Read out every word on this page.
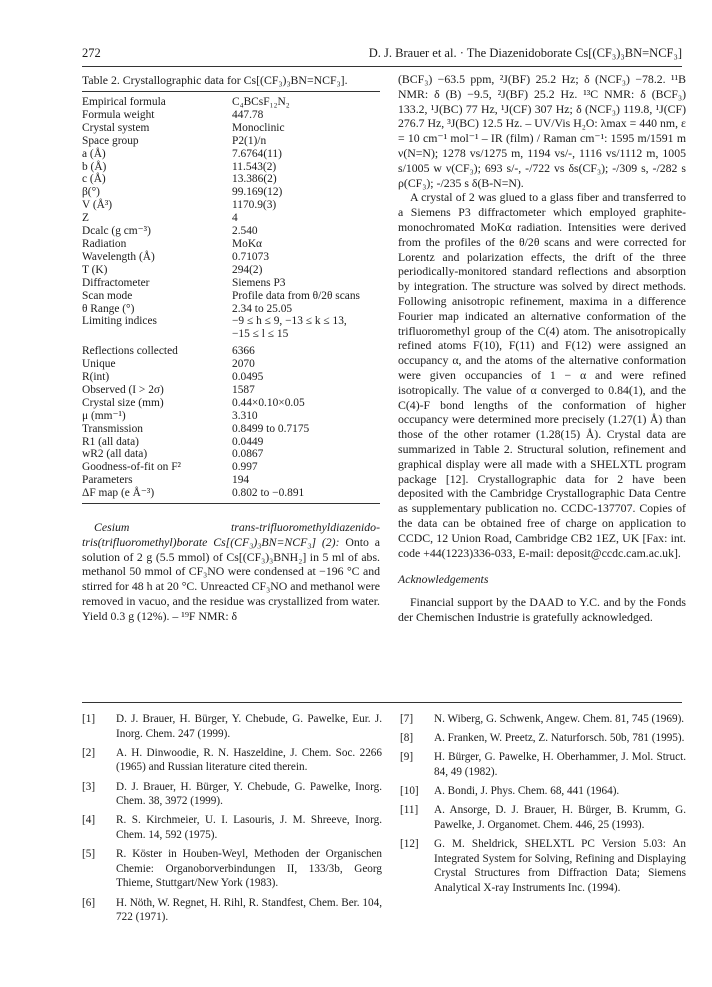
272	D. J. Brauer et al. · The Diazenidoborate Cs[(CF₃)₃BN=NCF₃]

Table 2. Crystallographic data for Cs[(CF₃)₃BN=NCF₃].

Empirical formula	C₄BCsF₁₂N₂
Formula weight	447.78
Crystal system	Monoclinic
Space group	P2(1)/n
a (Å)	7.6764(11)
b (Å)	11.543(2)
c (Å)	13.386(2)
β(°)	99.169(12)
V (Å³)	1170.9(3)
Z	4
Dcalc (g cm⁻³)	2.540
Radiation	MoKα
Wavelength (Å)	0.71073
T (K)	294(2)
Diffractometer	Siemens P3
Scan mode	Profile data from θ/2θ scans
θ Range (°)	2.34 to 25.05
Limiting indices	−9 ≤ h ≤ 9, −13 ≤ k ≤ 13,
	−15 ≤ l ≤ 15
Reflections collected	6366
Unique	2070
R(int)	0.0495
Observed (I > 2σ)	1587
Crystal size (mm)	0.44×0.10×0.05
μ (mm⁻¹)	3.310
Transmission	0.8499 to 0.7175
R1 (all data)	0.0449
wR2 (all data)	0.0867
Goodness-of-fit on F²	0.997
Parameters	194
ΔF map (e Å⁻³)	0.802 to −0.891

Cesium trans-trifluoromethyldiazenido-tris(trifluoromethyl)borate Cs[(CF₃)₃BN=NCF₃] (2): Onto a solution of 2 g (5.5 mmol) of Cs[(CF₃)₃BNH₂] in 5 ml of abs. methanol 50 mmol of CF₃NO were condensed at −196 °C and stirred for 48 h at 20 °C. Unreacted CF₃NO and methanol were removed in vacuo, and the residue was crystallized from water. Yield 0.3 g (12%). – ¹⁹F NMR: δ

(BCF₃) −63.5 ppm, ²J(BF) 25.2 Hz; δ (NCF₃) −78.2. ¹¹B NMR: δ (B) −9.5, ²J(BF) 25.2 Hz. ¹³C NMR: δ (BCF₃) 133.2, ¹J(BC) 77 Hz, ¹J(CF) 307 Hz; δ (NCF₃) 119.8, ¹J(CF) 276.7 Hz, ³J(BC) 12.5 Hz. – UV/Vis H₂O: λmax = 440 nm, ε = 10 cm⁻¹ mol⁻¹ – IR (film) / Raman cm⁻¹: 1595 m/1591 m ν(N=N); 1278 vs/1275 m, 1194 vs/-, 1116 vs/1112 m, 1005 s/1005 w ν(CF₃); 693 s/-, -/722 vs δs(CF₃); -/309 s, -/282 s ρ(CF₃); -/235 s δ(B-N=N).

A crystal of 2 was glued to a glass fiber and transferred to a Siemens P3 diffractometer which employed graphite-monochromated MoKα radiation. Intensities were derived from the profiles of the θ/2θ scans and were corrected for Lorentz and polarization effects, the drift of the three periodically-monitored standard reflections and absorption by integration. The structure was solved by direct methods. Following anisotropic refinement, maxima in a difference Fourier map indicated an alternative conformation of the trifluoromethyl group of the C(4) atom. The anisotropically refined atoms F(10), F(11) and F(12) were assigned an occupancy α, and the atoms of the alternative conformation were given occupancies of 1 − α and were refined isotropically. The value of α converged to 0.84(1), and the C(4)-F bond lengths of the conformation of higher occupancy were determined more precisely (1.27(1) Å) than those of the other rotamer (1.28(15) Å). Crystal data are summarized in Table 2. Structural solution, refinement and graphical display were all made with a SHELXTL program package [12]. Crystallographic data for 2 have been deposited with the Cambridge Crystallographic Data Centre as supplementary publication no. CCDC-137707. Copies of the data can be obtained free of charge on application to CCDC, 12 Union Road, Cambridge CB2 1EZ, UK [Fax: int. code +44(1223)336-033, E-mail: deposit@ccdc.cam.ac.uk].

Acknowledgements

Financial support by the DAAD to Y.C. and by the Fonds der Chemischen Industrie is gratefully acknowledged.

[1] D. J. Brauer, H. Bürger, Y. Chebude, G. Pawelke, Eur. J. Inorg. Chem. 247 (1999).
[2] A. H. Dinwoodie, R. N. Haszeldine, J. Chem. Soc. 2266 (1965) and Russian literature cited therein.
[3] D. J. Brauer, H. Bürger, Y. Chebude, G. Pawelke, Inorg. Chem. 38, 3972 (1999).
[4] R. S. Kirchmeier, U. I. Lasouris, J. M. Shreeve, Inorg. Chem. 14, 592 (1975).
[5] R. Köster in Houben-Weyl, Methoden der Organischen Chemie: Organoborverbindungen II, 133/3b, Georg Thieme, Stuttgart/New York (1983).
[6] H. Nöth, W. Regnet, H. Rihl, R. Standfest, Chem. Ber. 104, 722 (1971).
[7] N. Wiberg, G. Schwenk, Angew. Chem. 81, 745 (1969).
[8] A. Franken, W. Preetz, Z. Naturforsch. 50b, 781 (1995).
[9] H. Bürger, G. Pawelke, H. Oberhammer, J. Mol. Struct. 84, 49 (1982).
[10] A. Bondi, J. Phys. Chem. 68, 441 (1964).
[11] A. Ansorge, D. J. Brauer, H. Bürger, B. Krumm, G. Pawelke, J. Organomet. Chem. 446, 25 (1993).
[12] G. M. Sheldrick, SHELXTL PC Version 5.03: An Integrated System for Solving, Refining and Displaying Crystal Structures from Diffraction Data; Siemens Analytical X-ray Instruments Inc. (1994).
